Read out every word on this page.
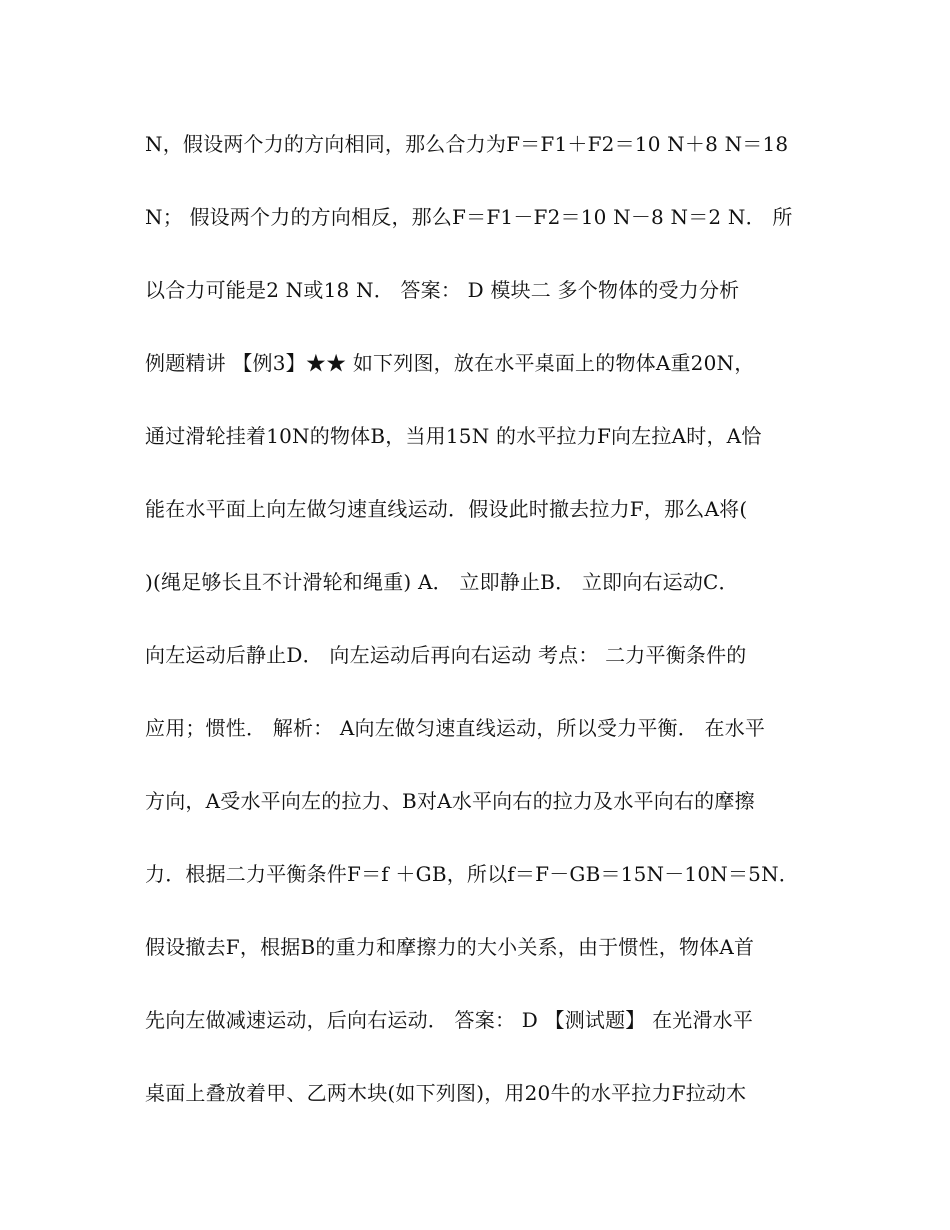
N，假设两个力的方向相同，那么合力为F＝F1＋F2＝10 N＋8 N＝18
N； 假设两个力的方向相反，那么F＝F1－F2＝10 N－8 N＝2 N． 所
以合力可能是2 N或18 N． 答案： D 模块二 多个物体的受力分析
例题精讲 【例3】★★ 如下列图，放在水平桌面上的物体A重20N，
通过滑轮挂着10N的物体B，当用15N 的水平拉力F向左拉A时，A恰
能在水平面上向左做匀速直线运动．假设此时撤去拉力F，那么A将(
)(绳足够长且不计滑轮和绳重) A． 立即静止B． 立即向右运动C．
向左运动后静止D． 向左运动后再向右运动 考点： 二力平衡条件的
应用；惯性． 解析： A向左做匀速直线运动，所以受力平衡． 在水平
方向，A受水平向左的拉力、B对A水平向右的拉力及水平向右的摩擦
力．根据二力平衡条件F＝f ＋GB，所以f＝F－GB＝15N－10N＝5N．
假设撤去F，根据B的重力和摩擦力的大小关系，由于惯性，物体A首
先向左做减速运动，后向右运动． 答案： D 【测试题】 在光滑水平
桌面上叠放着甲、乙两木块(如下列图)，用20牛的水平拉力F拉动木
